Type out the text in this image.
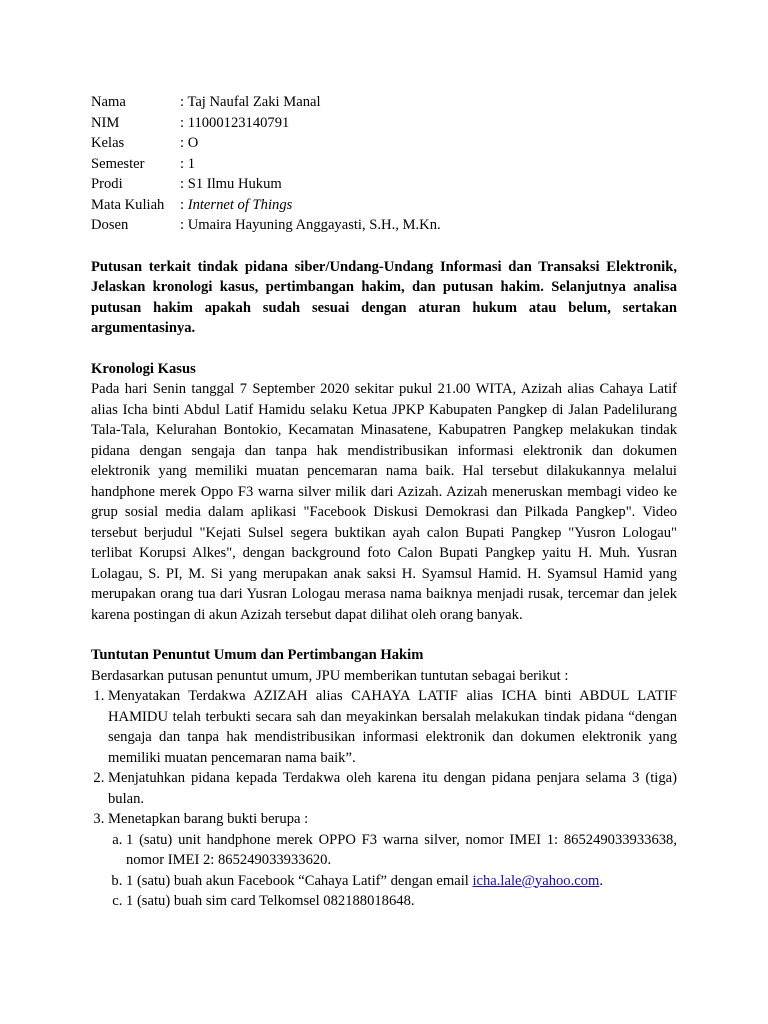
Nama	: Taj Naufal Zaki Manal
NIM	: 11000123140791
Kelas	: O
Semester	: 1
Prodi	: S1 Ilmu Hukum
Mata Kuliah	: Internet of Things
Dosen	: Umaira Hayuning Anggayasti, S.H., M.Kn.
Putusan terkait tindak pidana siber/Undang-Undang Informasi dan Transaksi Elektronik, Jelaskan kronologi kasus, pertimbangan hakim, dan putusan hakim. Selanjutnya analisa putusan hakim apakah sudah sesuai dengan aturan hukum atau belum, sertakan argumentasinya.
Kronologi Kasus
Pada hari Senin tanggal 7 September 2020 sekitar pukul 21.00 WITA, Azizah alias Cahaya Latif alias Icha binti Abdul Latif Hamidu selaku Ketua JPKP Kabupaten Pangkep di Jalan Padelilurang Tala-Tala, Kelurahan Bontokio, Kecamatan Minasatene, Kabupatren Pangkep melakukan tindak pidana dengan sengaja dan tanpa hak mendistribusikan informasi elektronik dan dokumen elektronik yang memiliki muatan pencemaran nama baik. Hal tersebut dilakukannya melalui handphone merek Oppo F3 warna silver milik dari Azizah. Azizah meneruskan membagi video ke grup sosial media dalam aplikasi "Facebook Diskusi Demokrasi dan Pilkada Pangkep". Video tersebut berjudul "Kejati Sulsel segera buktikan ayah calon Bupati Pangkep "Yusron Lologau" terlibat Korupsi Alkes", dengan background foto Calon Bupati Pangkep yaitu H. Muh. Yusran Lolagau, S. PI, M. Si yang merupakan anak saksi H. Syamsul Hamid. H. Syamsul Hamid yang merupakan orang tua dari Yusran Lologau merasa nama baiknya menjadi rusak, tercemar dan jelek karena postingan di akun Azizah tersebut dapat dilihat oleh orang banyak.
Tuntutan Penuntut Umum dan Pertimbangan Hakim
Berdasarkan putusan penuntut umum, JPU memberikan tuntutan sebagai berikut :
1. Menyatakan Terdakwa AZIZAH alias CAHAYA LATIF alias ICHA binti ABDUL LATIF HAMIDU telah terbukti secara sah dan meyakinkan bersalah melakukan tindak pidana “dengan sengaja dan tanpa hak mendistribusikan informasi elektronik dan dokumen elektronik yang memiliki muatan pencemaran nama baik”.
2. Menjatuhkan pidana kepada Terdakwa oleh karena itu dengan pidana penjara selama 3 (tiga) bulan.
3. Menetapkan barang bukti berupa :
a. 1 (satu) unit handphone merek OPPO F3 warna silver, nomor IMEI 1: 865249033933638, nomor IMEI 2: 865249033933620.
b. 1 (satu) buah akun Facebook “Cahaya Latif” dengan email icha.lale@yahoo.com.
c. 1 (satu) buah sim card Telkomsel 082188018648.
